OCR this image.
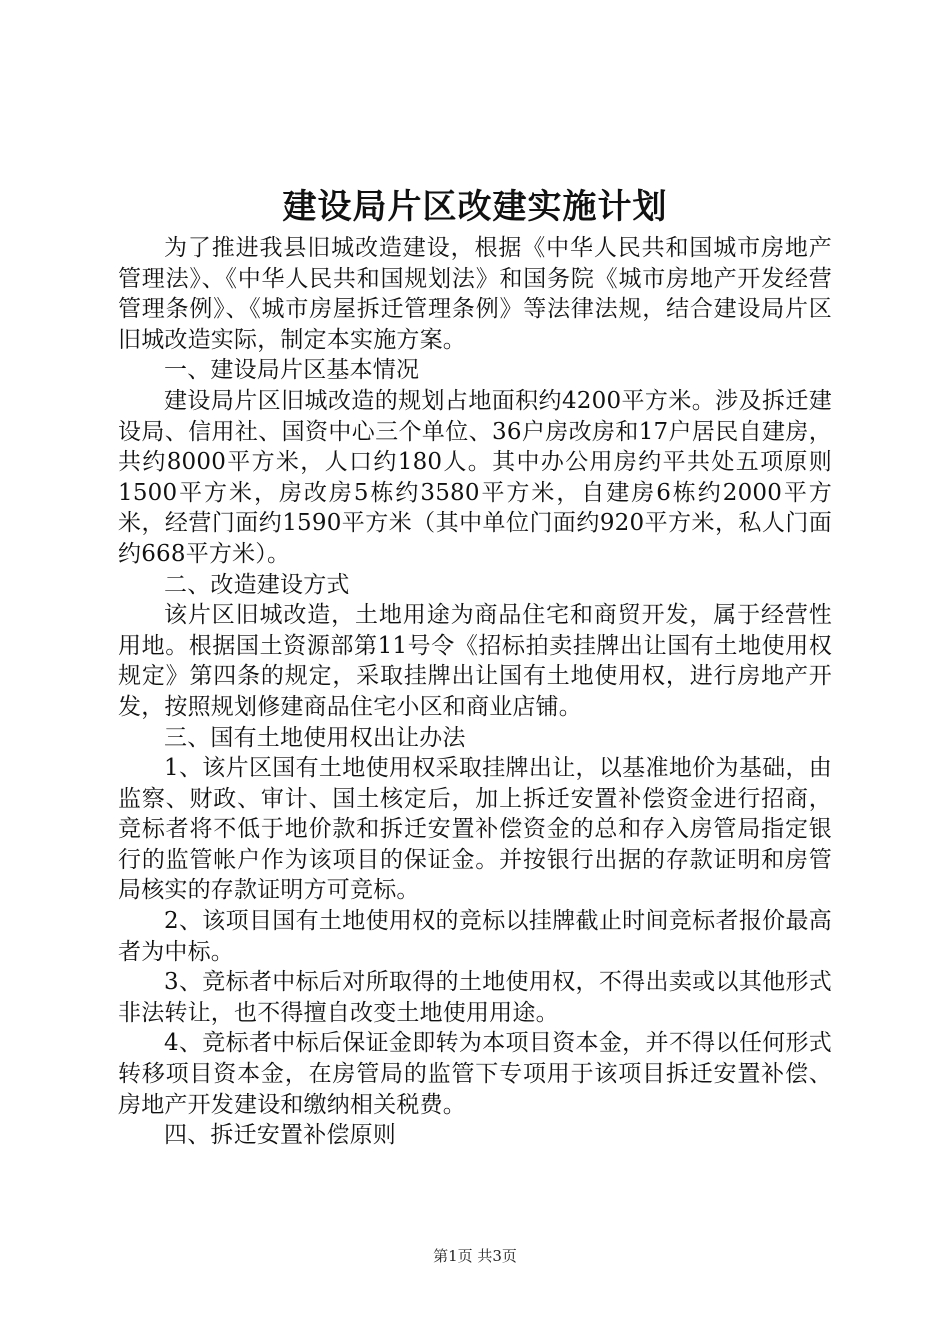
建设局片区改建实施计划

为了推进我县旧城改造建设，根据《中华人民共和国城市房地产管理法》、《中华人民共和国规划法》和国务院《城市房地产开发经营管理条例》、《城市房屋拆迁管理条例》等法律法规，结合建设局片区旧城改造实际，制定本实施方案。

一、建设局片区基本情况

建设局片区旧城改造的规划占地面积约4200平方米。涉及拆迁建设局、信用社、国资中心三个单位、36户房改房和17户居民自建房，共约8000平方米，人口约180人。其中办公用房约平共处五项原则1500平方米，房改房5栋约3580平方米，自建房6栋约2000平方米，经营门面约1590平方米（其中单位门面约920平方米，私人门面约668平方米）。

二、改造建设方式

该片区旧城改造，土地用途为商品住宅和商贸开发，属于经营性用地。根据国土资源部第11号令《招标拍卖挂牌出让国有土地使用权规定》第四条的规定，采取挂牌出让国有土地使用权，进行房地产开发，按照规划修建商品住宅小区和商业店铺。

三、国有土地使用权出让办法

1、该片区国有土地使用权采取挂牌出让，以基准地价为基础，由监察、财政、审计、国土核定后，加上拆迁安置补偿资金进行招商，竞标者将不低于地价款和拆迁安置补偿资金的总和存入房管局指定银行的监管帐户作为该项目的保证金。并按银行出据的存款证明和房管局核实的存款证明方可竞标。

2、该项目国有土地使用权的竞标以挂牌截止时间竞标者报价最高者为中标。

3、竞标者中标后对所取得的土地使用权，不得出卖或以其他形式非法转让，也不得擅自改变土地使用用途。

4、竞标者中标后保证金即转为本项目资本金，并不得以任何形式转移项目资本金，在房管局的监管下专项用于该项目拆迁安置补偿、房地产开发建设和缴纳相关税费。

四、拆迁安置补偿原则

第1页 共3页
